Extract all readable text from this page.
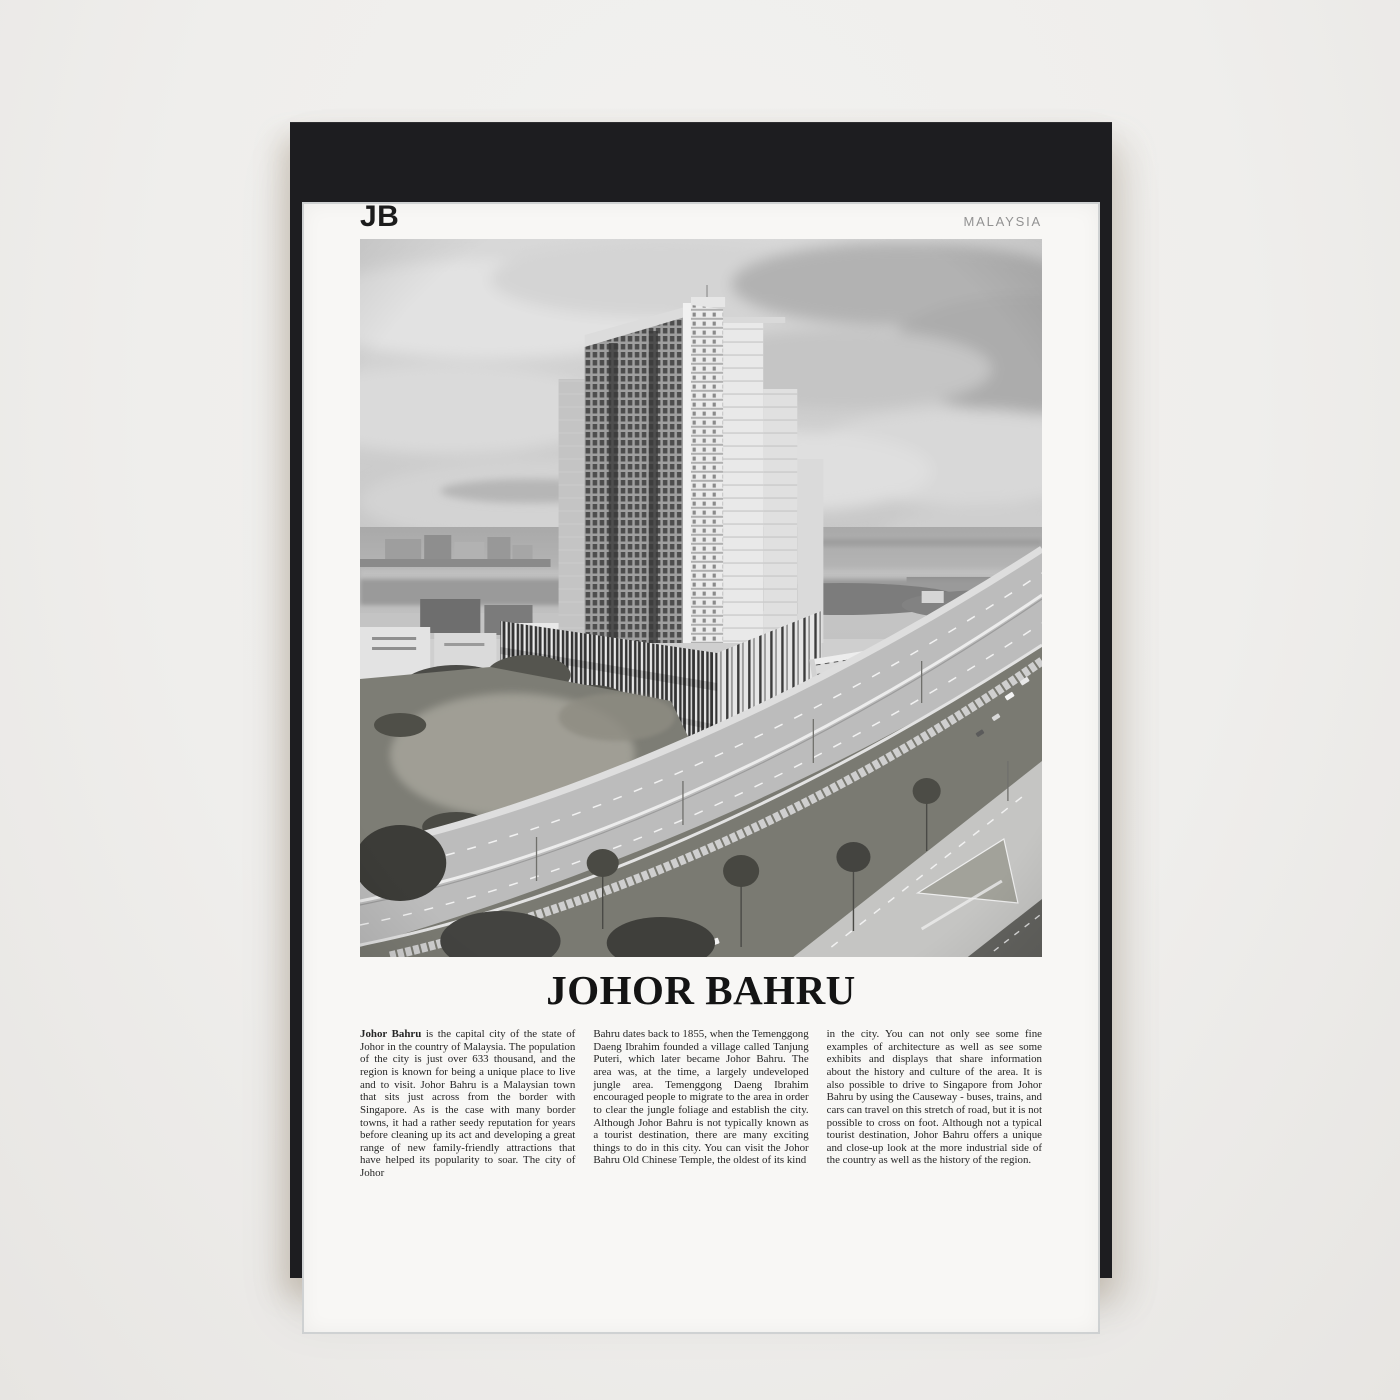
JB	MALAYSIA
JOHOR BAHRU

Johor Bahru is the capital city of the state of Johor in the country of Malaysia. The population of the city is just over 633 thousand, and the region is known for being a unique place to live and to visit. Johor Bahru is a Malaysian town that sits just across from the border with Singapore. As is the case with many border towns, it had a rather seedy reputation for years before cleaning up its act and developing a great range of new family-friendly attractions that have helped its popularity to soar. The city of Johor

Bahru dates back to 1855, when the Temenggong Daeng Ibrahim founded a village called Tanjung Puteri, which later became Johor Bahru. The area was, at the time, a largely undeveloped jungle area. Temenggong Daeng Ibrahim encouraged people to migrate to the area in order to clear the jungle foliage and establish the city. Although Johor Bahru is not typically known as a tourist destination, there are many exciting things to do in this city. You can visit the Johor Bahru Old Chinese Temple, the oldest of its kind

in the city. You can not only see some fine examples of architecture as well as see some exhibits and displays that share information about the history and culture of the area. It is also possible to drive to Singapore from Johor Bahru by using the Causeway - buses, trains, and cars can travel on this stretch of road, but it is not possible to cross on foot. Although not a typical tourist destination, Johor Bahru offers a unique and close-up look at the more industrial side of the country as well as the history of the region.
